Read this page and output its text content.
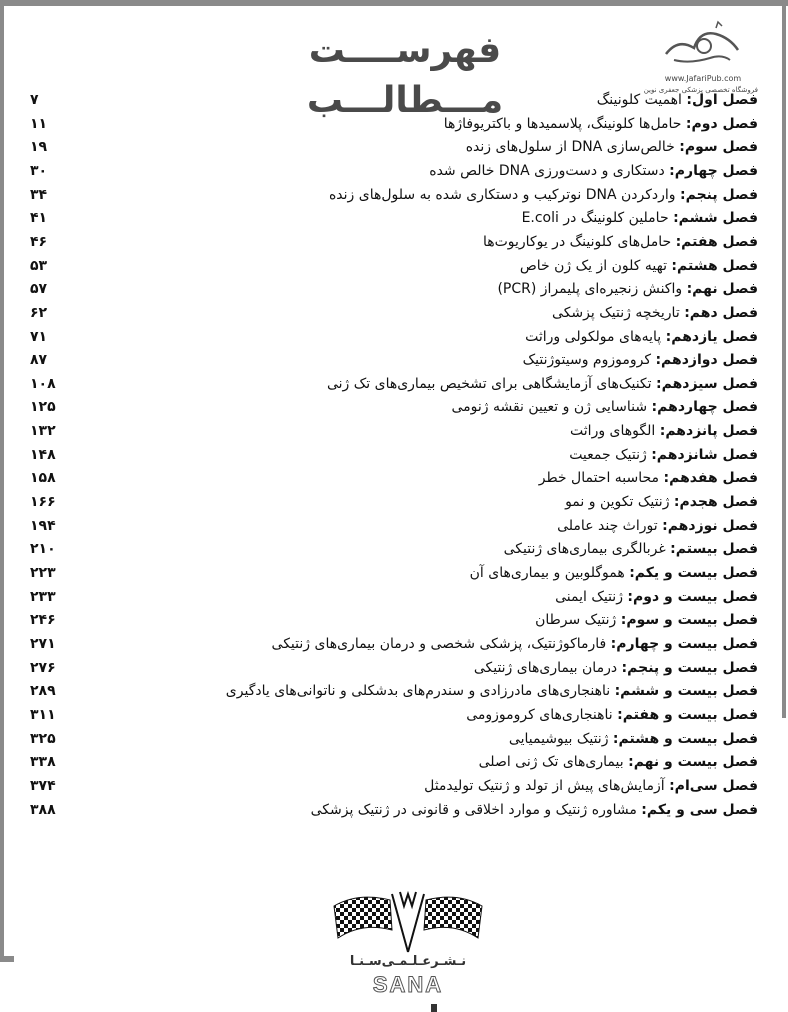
فهرســــت مـــطالـــب
www.JafariPub.com
فروشگاه تخصصی پزشکی جعفری نوین
فصل اول: اهمیت کلونینگ
۷
فصل دوم: حامل‌ها کلونینگ، پلاسمیدها و باکتریوفاژها
۱۱
فصل سوم: خالص‌سازی DNA از سلول‌های زنده
۱۹
فصل چهارم: دستکاری و دست‌ورزی DNA خالص شده
۳۰
فصل پنجم: واردکردن DNA نوترکیب و دستکاری شده به سلول‌های زنده
۳۴
فصل ششم: حاملین کلونینگ در E.coli
۴۱
فصل هفتم: حامل‌های کلونینگ در یوکاریوت‌ها
۴۶
فصل هشتم: تهیه کلون از یک ژن خاص
۵۳
فصل نهم: واکنش زنجیره‌ای پلیمراز (PCR)
۵۷
فصل دهم: تاریخچه ژنتیک پزشکی
۶۲
فصل یازدهم: پایه‌های مولکولی وراثت
۷۱
فصل دوازدهم: کروموزوم وسیتوژنتیک
۸۷
فصل سیزدهم: تکنیک‌های آزمایشگاهی برای تشخیص بیماری‌های تک ژنی
۱۰۸
فصل چهاردهم: شناسایی ژن و تعیین نقشه ژنومی
۱۲۵
فصل پانزدهم: الگوهای وراثت
۱۳۲
فصل شانزدهم: ژنتیک جمعیت
۱۴۸
فصل هفدهم: محاسبه احتمال خطر
۱۵۸
فصل هجدم: ژنتیک تکوین و نمو
۱۶۶
فصل نوزدهم: توراث چند عاملی
۱۹۴
فصل بیستم: غربالگری بیماری‌های ژنتیکی
۲۱۰
فصل بیست و یکم: هموگلوبین و بیماری‌های آن
۲۲۳
فصل بیست و دوم: ژنتیک ایمنی
۲۳۳
فصل بیست و سوم: ژنتیک سرطان
۲۴۶
فصل بیست و چهارم: فارماکوژنتیک، پزشکی شخصی و درمان بیماری‌های ژنتیکی
۲۷۱
فصل بیست و پنجم: درمان بیماری‌های ژنتیکی
۲۷۶
فصل بیست و ششم: ناهنجاری‌های مادرزادی و سندرم‌های بدشکلی و ناتوانی‌های یادگیری
۲۸۹
فصل بیست و هفتم: ناهنجاری‌های کروموزومی
۳۱۱
فصل بیست و هشتم: ژنتیک بیوشیمیایی
۳۲۵
فصل بیست و نهم: بیماری‌های تک ژنی اصلی
۳۳۸
فصل سی‌ام: آزمایش‌های پیش از تولد و ژنتیک تولیدمثل
۳۷۴
فصل سی و یکم: مشاوره ژنتیک و موارد اخلاقی و قانونی در ژنتیک پزشکی
۳۸۸
نـشـرعـلـمـی‌سـنـا
SANA
